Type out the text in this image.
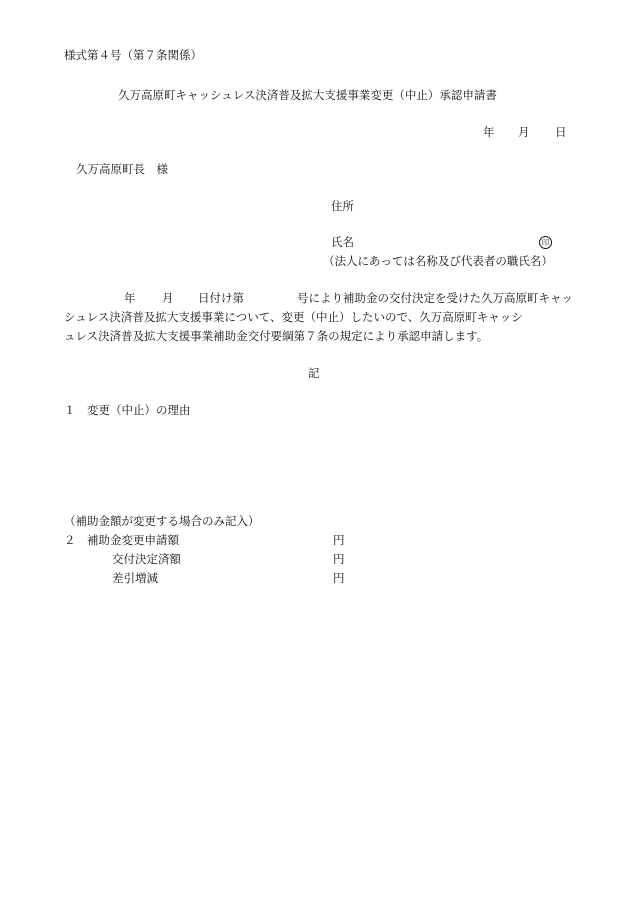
様式第４号（第７条関係）
久万高原町キャッシュレス決済普及拡大支援事業変更（中止）承認申請書
年 月 日
久万高原町長　様
住所
氏名	印
（法人にあっては名称及び代表者の職氏名）
年 月 日付け第	号により補助金の交付決定を受けた久万高原町キャッ
シュレス決済普及拡大支援事業について、変更（中止）したいので、久万高原町キャッシ
ュレス決済普及拡大支援事業補助金交付要綱第７条の規定により承認申請します。
記
１ 変更（中止）の理由
（補助金額が変更する場合のみ記入）
２ 補助金変更申請額	円
交付決定済額	円
差引増減	円
